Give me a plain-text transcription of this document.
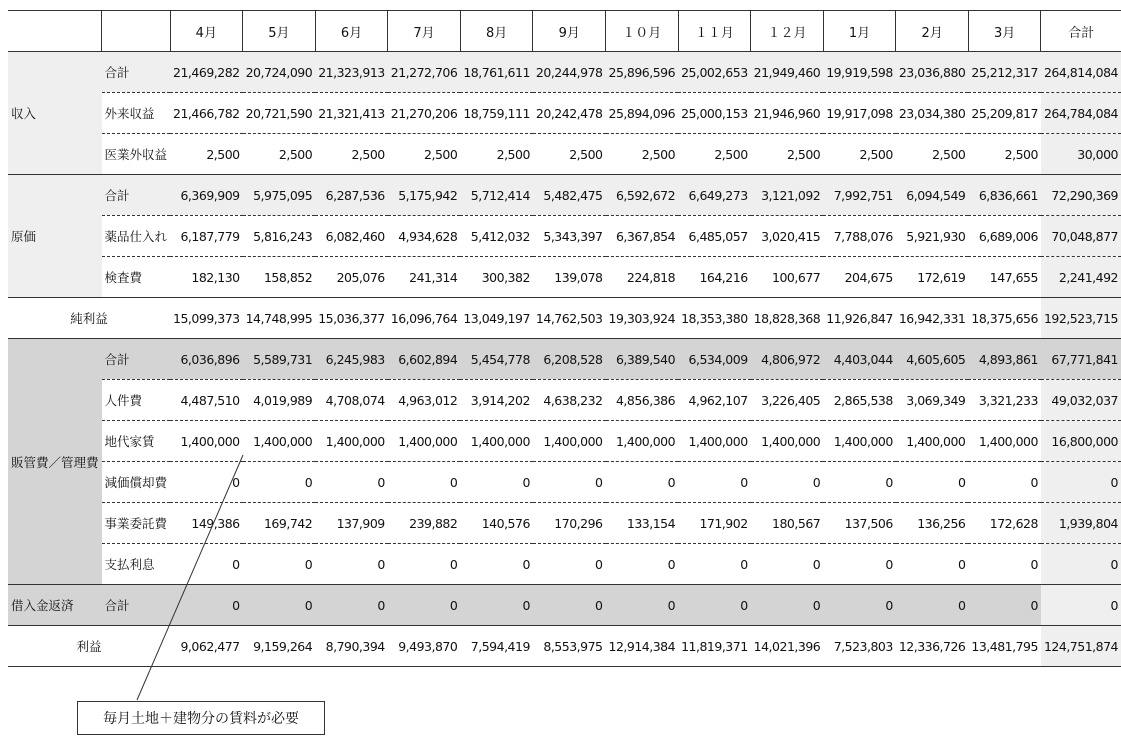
		4月	5月	6月	7月	8月	9月	１０月	１１月	１２月	1月	2月	3月	合計
収入	合計	21,469,282	20,724,090	21,323,913	21,272,706	18,761,611	20,244,978	25,896,596	25,002,653	21,949,460	19,919,598	23,036,880	25,212,317	264,814,084
	外来収益	21,466,782	20,721,590	21,321,413	21,270,206	18,759,111	20,242,478	25,894,096	25,000,153	21,946,960	19,917,098	23,034,380	25,209,817	264,784,084
	医業外収益	2,500	2,500	2,500	2,500	2,500	2,500	2,500	2,500	2,500	2,500	2,500	2,500	30,000
原価	合計	6,369,909	5,975,095	6,287,536	5,175,942	5,712,414	5,482,475	6,592,672	6,649,273	3,121,092	7,992,751	6,094,549	6,836,661	72,290,369
	薬品仕入れ	6,187,779	5,816,243	6,082,460	4,934,628	5,412,032	5,343,397	6,367,854	6,485,057	3,020,415	7,788,076	5,921,930	6,689,006	70,048,877
	検査費	182,130	158,852	205,076	241,314	300,382	139,078	224,818	164,216	100,677	204,675	172,619	147,655	2,241,492
純利益		15,099,373	14,748,995	15,036,377	16,096,764	13,049,197	14,762,503	19,303,924	18,353,380	18,828,368	11,926,847	16,942,331	18,375,656	192,523,715
販管費／管理費	合計	6,036,896	5,589,731	6,245,983	6,602,894	5,454,778	6,208,528	6,389,540	6,534,009	4,806,972	4,403,044	4,605,605	4,893,861	67,771,841
	人件費	4,487,510	4,019,989	4,708,074	4,963,012	3,914,202	4,638,232	4,856,386	4,962,107	3,226,405	2,865,538	3,069,349	3,321,233	49,032,037
	地代家賃	1,400,000	1,400,000	1,400,000	1,400,000	1,400,000	1,400,000	1,400,000	1,400,000	1,400,000	1,400,000	1,400,000	1,400,000	16,800,000
	減価償却費	0	0	0	0	0	0	0	0	0	0	0	0	0
	事業委託費	149,386	169,742	137,909	239,882	140,576	170,296	133,154	171,902	180,567	137,506	136,256	172,628	1,939,804
	支払利息	0	0	0	0	0	0	0	0	0	0	0	0	0
借入金返済	合計	0	0	0	0	0	0	0	0	0	0	0	0	0
利益		9,062,477	9,159,264	8,790,394	9,493,870	7,594,419	8,553,975	12,914,384	11,819,371	14,021,396	7,523,803	12,336,726	13,481,795	124,751,874
毎月土地＋建物分の賃料が必要
